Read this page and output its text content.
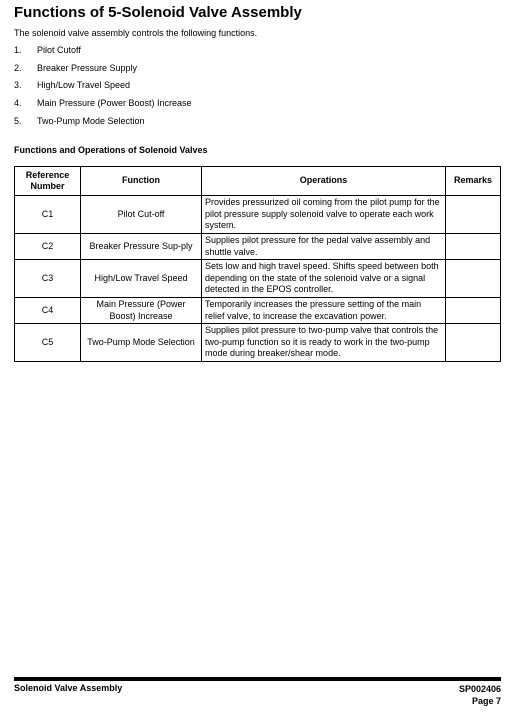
Functions of 5-Solenoid Valve Assembly
The solenoid valve assembly controls the following functions.
1.	Pilot Cutoff
2.	Breaker Pressure Supply
3.	High/Low Travel Speed
4.	Main Pressure (Power Boost) Increase
5.	Two-Pump Mode Selection
Functions and Operations of Solenoid Valves
Reference Number	Function	Operations	Remarks
C1	Pilot Cut-off	Provides pressurized oil coming from the pilot pump for the pilot pressure supply solenoid valve to operate each work system.	
C2	Breaker Pressure Sup-ply	Supplies pilot pressure for the pedal valve assembly and shuttle valve.	
C3	High/Low Travel Speed	Sets low and high travel speed. Shifts speed between both depending on the state of the solenoid valve or a signal detected in the EPOS controller.	
C4	Main Pressure (Power Boost) Increase	Temporarily increases the pressure setting of the main relief valve, to increase the excavation power.	
C5	Two-Pump Mode Selection	Supplies pilot pressure to two-pump valve that controls the two-pump function so it is ready to work in the two-pump mode during breaker/shear mode.	
Solenoid Valve Assembly	SP002406
Page 7
